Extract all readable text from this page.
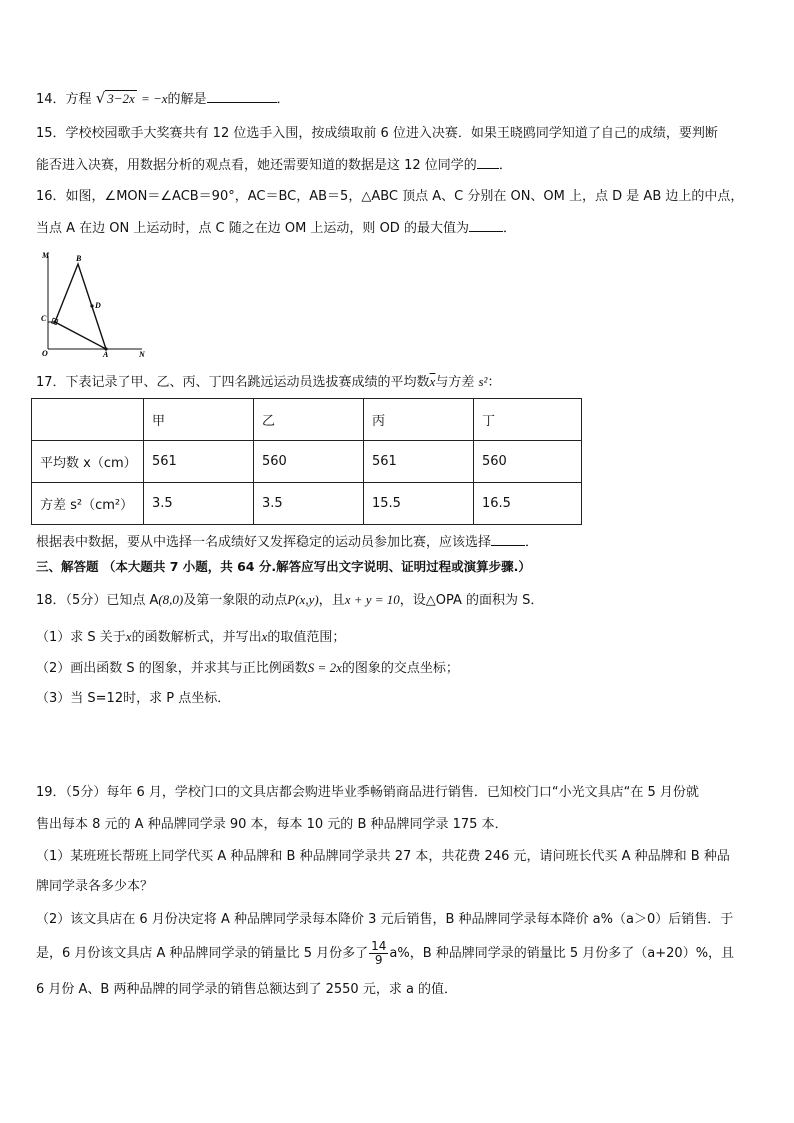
14．方程 √ 3−2x = −x的解是	．
15．学校校园歌手大奖赛共有 12 位选手入围，按成绩取前 6 位进入决赛．如果王晓鸥同学知道了自己的成绩，要判断
能否进入决赛，用数据分析的观点看，她还需要知道的数据是这 12 位同学的 ．
16．如图，∠MON＝∠ACB＝90°，AC＝BC，AB＝5，△ABC 顶点 A、C 分别在 ON、OM 上，点 D 是 AB 边上的中点，
当点 A 在边 ON 上运动时，点 C 随之在边 OM 上运动，则 OD 的最大值为	．
M	B
D
C
O	A	N
17．下表记录了甲、乙、丙、丁四名跳远运动员选拔赛成绩的平均数$\overline{x}$与方差 s²：
	甲	乙	丙	丁
平均数 x（cm）	561	560	561	560
方差 s²（cm²）	3.5	3.5	15.5	16.5
根据表中数据，要从中选择一名成绩好又发挥稳定的运动员参加比赛，应该选择	．
三、解答题 （本大题共 7 小题，共 64 分.解答应写出文字说明、证明过程或演算步骤.）
18．（5分）已知点 A(8,0)及第一象限的动点P(x,y)，且x + y = 10，设△OPA 的面积为 S．
（1）求 S 关于x的函数解析式，并写出x的取值范围；
（2）画出函数 S 的图象，并求其与正比例函数S = 2x的图象的交点坐标；
（3）当 S=12时，求 P 点坐标．
19．（5分）每年 6 月，学校门口的文具店都会购进毕业季畅销商品进行销售．已知校门口“小光文具店“在 5 月份就
售出每本 8 元的 A 种品牌同学录 90 本，每本 10 元的 B 种品牌同学录 175 本．
（1）某班班长帮班上同学代买 A 种品牌和 B 种品牌同学录共 27 本，共花费 246 元，请问班长代买 A 种品牌和 B 种品
牌同学录各多少本？
（2）该文具店在 6 月份决定将 A 种品牌同学录每本降价 3 元后销售，B 种品牌同学录每本降价 a%（a＞0）后销售．于
是，6 月份该文具店 A 种品牌同学录的销量比 5 月份多了 $\frac{14}{9} a\%$，B 种品牌同学录的销量比 5 月份多了（a+20）%，且
6 月份 A、B 两种品牌的同学录的销售总额达到了 2550 元，求 a 的值．
